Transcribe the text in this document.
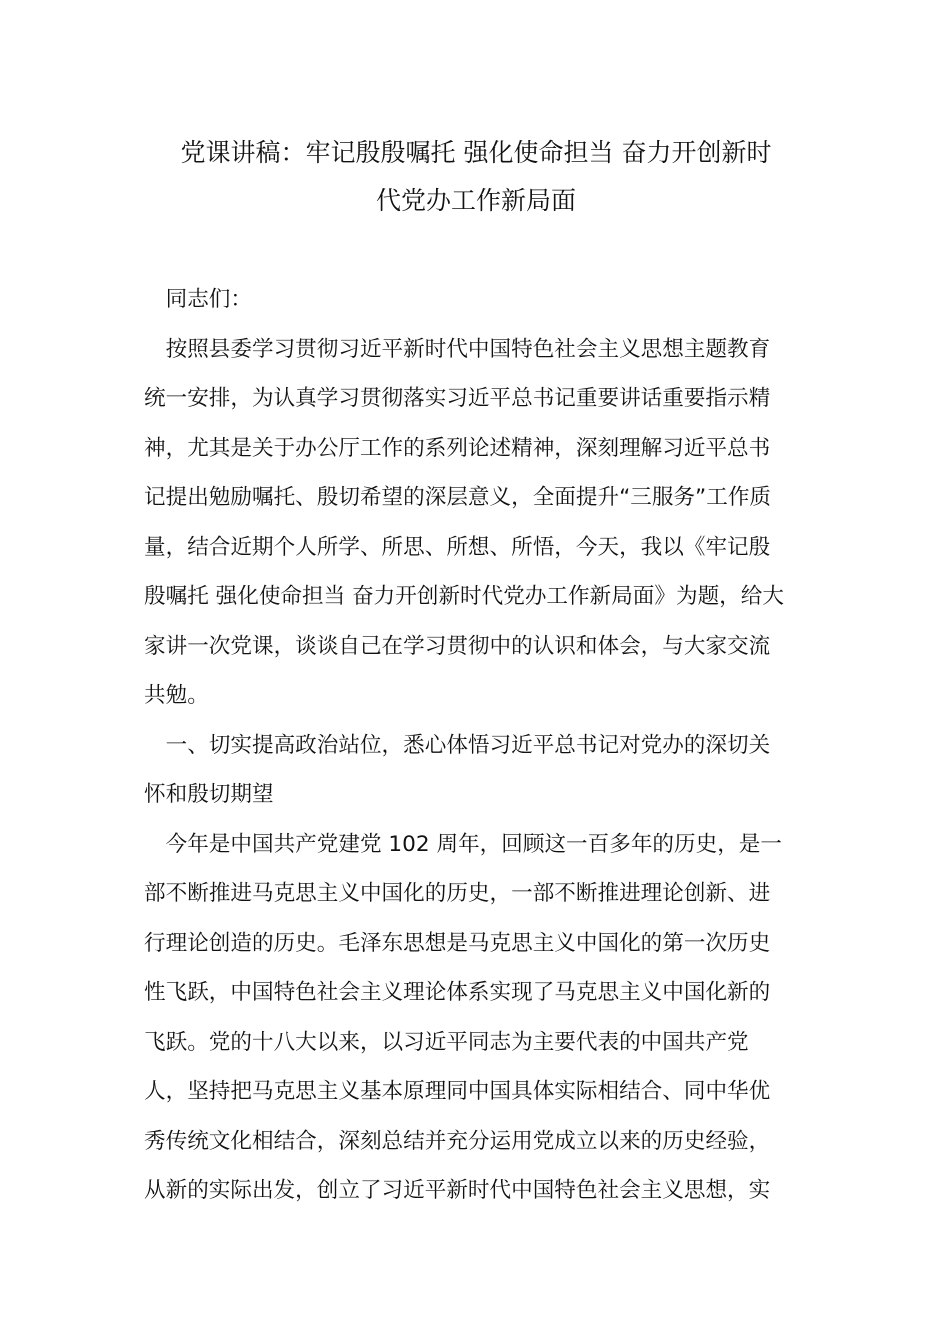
党课讲稿：牢记殷殷嘱托 强化使命担当 奋力开创新时
代党办工作新局面
　同志们：
　按照县委学习贯彻习近平新时代中国特色社会主义思想主题教育
统一安排，为认真学习贯彻落实习近平总书记重要讲话重要指示精
神，尤其是关于办公厅工作的系列论述精神，深刻理解习近平总书
记提出勉励嘱托、殷切希望的深层意义，全面提升“三服务”工作质
量，结合近期个人所学、所思、所想、所悟，今天，我以《牢记殷
殷嘱托 强化使命担当 奋力开创新时代党办工作新局面》为题，给大
家讲一次党课，谈谈自己在学习贯彻中的认识和体会，与大家交流
共勉。
　一、切实提高政治站位，悉心体悟习近平总书记对党办的深切关
怀和殷切期望
　今年是中国共产党建党 102 周年，回顾这一百多年的历史，是一
部不断推进马克思主义中国化的历史，一部不断推进理论创新、进
行理论创造的历史。毛泽东思想是马克思主义中国化的第一次历史
性飞跃，中国特色社会主义理论体系实现了马克思主义中国化新的
飞跃。党的十八大以来，以习近平同志为主要代表的中国共产党
人，坚持把马克思主义基本原理同中国具体实际相结合、同中华优
秀传统文化相结合，深刻总结并充分运用党成立以来的历史经验，
从新的实际出发，创立了习近平新时代中国特色社会主义思想，实
